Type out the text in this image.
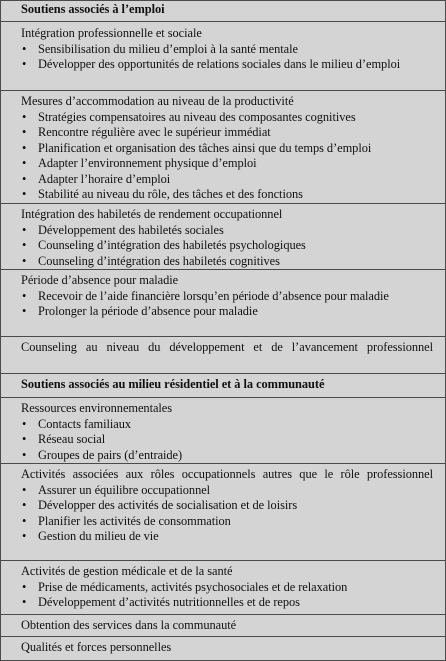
Soutiens associés à l’emploi
Intégration professionnelle et sociale
• Sensibilisation du milieu d’emploi à la santé mentale
• Développer des opportunités de relations sociales dans le milieu d’emploi
Mesures d’accommodation au niveau de la productivité
• Stratégies compensatoires au niveau des composantes cognitives
• Rencontre régulière avec le supérieur immédiat
• Planification et organisation des tâches ainsi que du temps d’emploi
• Adapter l’environnement physique d’emploi
• Adapter l’horaire d’emploi
• Stabilité au niveau du rôle, des tâches et des fonctions
Intégration des habiletés de rendement occupationnel
• Développement des habiletés sociales
• Counseling d’intégration des habiletés psychologiques
• Counseling d’intégration des habiletés cognitives
Période d’absence pour maladie
• Recevoir de l’aide financière lorsqu’en période d’absence pour maladie
• Prolonger la période d’absence pour maladie
Counseling au niveau du développement et de l’avancement professionnel
Soutiens associés au milieu résidentiel et à la communauté
Ressources environnementales
• Contacts familiaux
• Réseau social
• Groupes de pairs (d’entraide)
Activités associées aux rôles occupationnels autres que le rôle professionnel
• Assurer un équilibre occupationnel
• Développer des activités de socialisation et de loisirs
• Planifier les activités de consommation
• Gestion du milieu de vie
Activités de gestion médicale et de la santé
• Prise de médicaments, activités psychosociales et de relaxation
• Développement d’activités nutritionnelles et de repos
Obtention des services dans la communauté
Qualités et forces personnelles
